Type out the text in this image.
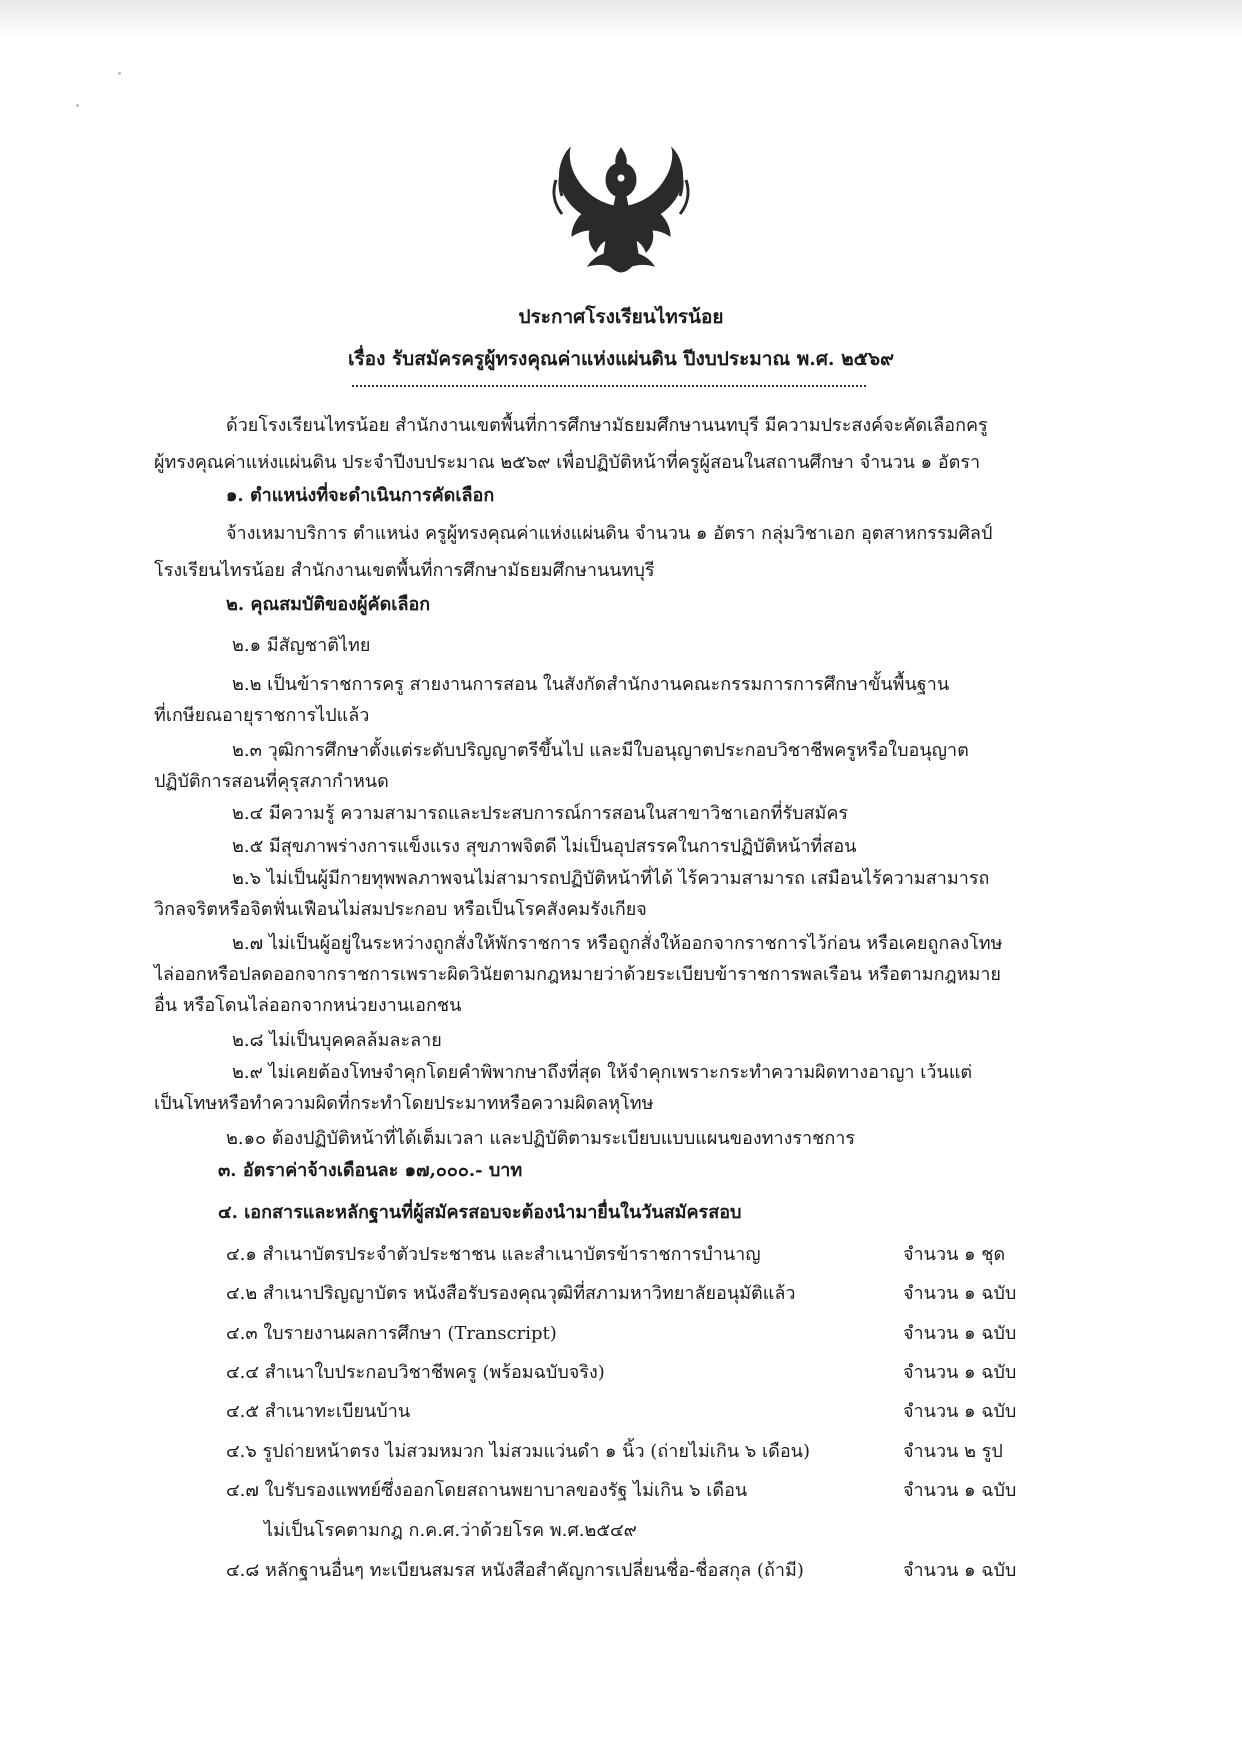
ประกาศโรงเรียนไทรน้อย
เรื่อง รับสมัครครูผู้ทรงคุณค่าแห่งแผ่นดิน ปีงบประมาณ พ.ศ. ๒๕๖๙
ด้วยโรงเรียนไทรน้อย สำนักงานเขตพื้นที่การศึกษามัธยมศึกษานนทบุรี มีความประสงค์จะคัดเลือกครู
ผู้ทรงคุณค่าแห่งแผ่นดิน ประจำปีงบประมาณ ๒๕๖๙ เพื่อปฏิบัติหน้าที่ครูผู้สอนในสถานศึกษา จำนวน ๑ อัตรา
๑. ตำแหน่งที่จะดำเนินการคัดเลือก
จ้างเหมาบริการ ตำแหน่ง ครูผู้ทรงคุณค่าแห่งแผ่นดิน จำนวน ๑ อัตรา กลุ่มวิชาเอก อุตสาหกรรมศิลป์
โรงเรียนไทรน้อย สำนักงานเขตพื้นที่การศึกษามัธยมศึกษานนทบุรี
๒. คุณสมบัติของผู้คัดเลือก
๒.๑ มีสัญชาติไทย
๒.๒ เป็นข้าราชการครู สายงานการสอน ในสังกัดสำนักงานคณะกรรมการการศึกษาขั้นพื้นฐาน
ที่เกษียณอายุราชการไปแล้ว
๒.๓ วุฒิการศึกษาตั้งแต่ระดับปริญญาตรีขึ้นไป และมีใบอนุญาตประกอบวิชาชีพครูหรือใบอนุญาต
ปฏิบัติการสอนที่คุรุสภากำหนด
๒.๔ มีความรู้ ความสามารถและประสบการณ์การสอนในสาขาวิชาเอกที่รับสมัคร
๒.๕ มีสุขภาพร่างการแข็งแรง สุขภาพจิตดี ไม่เป็นอุปสรรคในการปฏิบัติหน้าที่สอน
๒.๖ ไม่เป็นผู้มีกายทุพพลภาพจนไม่สามารถปฏิบัติหน้าที่ได้ ไร้ความสามารถ เสมือนไร้ความสามารถ
วิกลจริตหรือจิตฟั่นเฟือนไม่สมประกอบ หรือเป็นโรคสังคมรังเกียจ
๒.๗ ไม่เป็นผู้อยู่ในระหว่างถูกสั่งให้พักราชการ หรือถูกสั่งให้ออกจากราชการไว้ก่อน หรือเคยถูกลงโทษ
ไล่ออกหรือปลดออกจากราชการเพราะผิดวินัยตามกฎหมายว่าด้วยระเบียบข้าราชการพลเรือน หรือตามกฎหมาย
อื่น หรือโดนไล่ออกจากหน่วยงานเอกชน
๒.๘ ไม่เป็นบุคคลล้มละลาย
๒.๙ ไม่เคยต้องโทษจำคุกโดยคำพิพากษาถึงที่สุด ให้จำคุกเพราะกระทำความผิดทางอาญา เว้นแต่
เป็นโทษหรือทำความผิดที่กระทำโดยประมาทหรือความผิดลหุโทษ
๒.๑๐ ต้องปฏิบัติหน้าที่ได้เต็มเวลา และปฏิบัติตามระเบียบแบบแผนของทางราชการ
๓. อัตราค่าจ้างเดือนละ ๑๗,๐๐๐.- บาท
๔. เอกสารและหลักฐานที่ผู้สมัครสอบจะต้องนำมายื่นในวันสมัครสอบ
๔.๑ สำเนาบัตรประจำตัวประชาชน และสำเนาบัตรข้าราชการบำนาญ	จำนวน ๑ ชุด
๔.๒ สำเนาปริญญาบัตร หนังสือรับรองคุณวุฒิที่สภามหาวิทยาลัยอนุมัติแล้ว	จำนวน ๑ ฉบับ
๔.๓ ใบรายงานผลการศึกษา (Transcript)	จำนวน ๑ ฉบับ
๔.๔ สำเนาใบประกอบวิชาชีพครู (พร้อมฉบับจริง)	จำนวน ๑ ฉบับ
๔.๕ สำเนาทะเบียนบ้าน	จำนวน ๑ ฉบับ
๔.๖ รูปถ่ายหน้าตรง ไม่สวมหมวก ไม่สวมแว่นดำ ๑ นิ้ว (ถ่ายไม่เกิน ๖ เดือน)	จำนวน ๒ รูป
๔.๗ ใบรับรองแพทย์ซึ่งออกโดยสถานพยาบาลของรัฐ ไม่เกิน ๖ เดือน	จำนวน ๑ ฉบับ
ไม่เป็นโรคตามกฎ ก.ค.ศ.ว่าด้วยโรค พ.ศ.๒๕๔๙
๔.๘ หลักฐานอื่นๆ ทะเบียนสมรส หนังสือสำคัญการเปลี่ยนชื่อ-ชื่อสกุล (ถ้ามี)	จำนวน ๑ ฉบับ
